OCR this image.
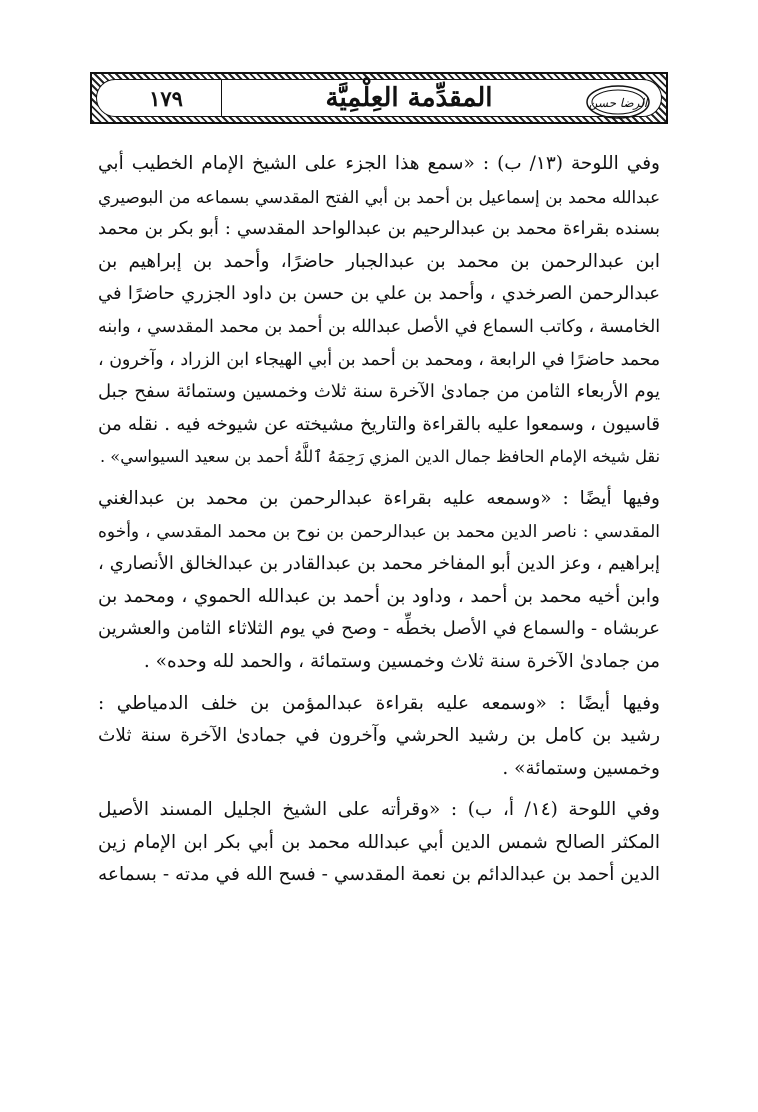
الرضا حسن
المقدِّمة العِلْمِيَّة
١٧٩

وفي اللوحة (١٣/ ب) : «سمع هذا الجزء على الشيخ الإمام الخطيب أبي
عبدالله محمد بن إسماعيل بن أحمد بن أبي الفتح المقدسي بسماعه من البوصيري
بسنده بقراءة محمد بن عبدالرحيم بن عبدالواحد المقدسي : أبو بكر بن محمد
ابن عبدالرحمن بن محمد بن عبدالجبار حاضرًا، وأحمد بن إبراهيم بن
عبدالرحمن الصرخدي ، وأحمد بن علي بن حسن بن داود الجزري حاضرًا في
الخامسة ، وكاتب السماع في الأصل عبدالله بن أحمد بن محمد المقدسي ، وابنه
محمد حاضرًا في الرابعة ، ومحمد بن أحمد بن أبي الهيجاء ابن الزراد ، وآخرون ،
يوم الأربعاء الثامن من جمادىٰ الآخرة سنة ثلاث وخمسين وستمائة سفح جبل
قاسيون ، وسمعوا عليه بالقراءة والتاريخ مشيخته عن شيوخه فيه . نقله من
نقل شيخه الإمام الحافظ جمال الدين المزي رَحِمَهُ ٱللَّهُ أحمد بن سعيد السيواسي» .

وفيها أيضًا : «وسمعه عليه بقراءة عبدالرحمن بن محمد بن عبدالغني
المقدسي : ناصر الدين محمد بن عبدالرحمن بن نوح بن محمد المقدسي ، وأخوه
إبراهيم ، وعز الدين أبو المفاخر محمد بن عبدالقادر بن عبدالخالق الأنصاري ،
وابن أخيه محمد بن أحمد ، وداود بن أحمد بن عبدالله الحموي ، ومحمد بن
عربشاه - والسماع في الأصل بخطِّه - وصح في يوم الثلاثاء الثامن والعشرين
من جمادىٰ الآخرة سنة ثلاث وخمسين وستمائة ، والحمد لله وحده» .

وفيها أيضًا : «وسمعه عليه بقراءة عبدالمؤمن بن خلف الدمياطي :
رشيد بن كامل بن رشيد الحرشي وآخرون في جمادىٰ الآخرة سنة ثلاث
وخمسين وستمائة» .

وفي اللوحة (١٤/ أ، ب) : «وقرأته على الشيخ الجليل المسند الأصيل
المكثر الصالح شمس الدين أبي عبدالله محمد بن أبي بكر ابن الإمام زين
الدين أحمد بن عبدالدائم بن نعمة المقدسي - فسح الله في مدته - بسماعه
